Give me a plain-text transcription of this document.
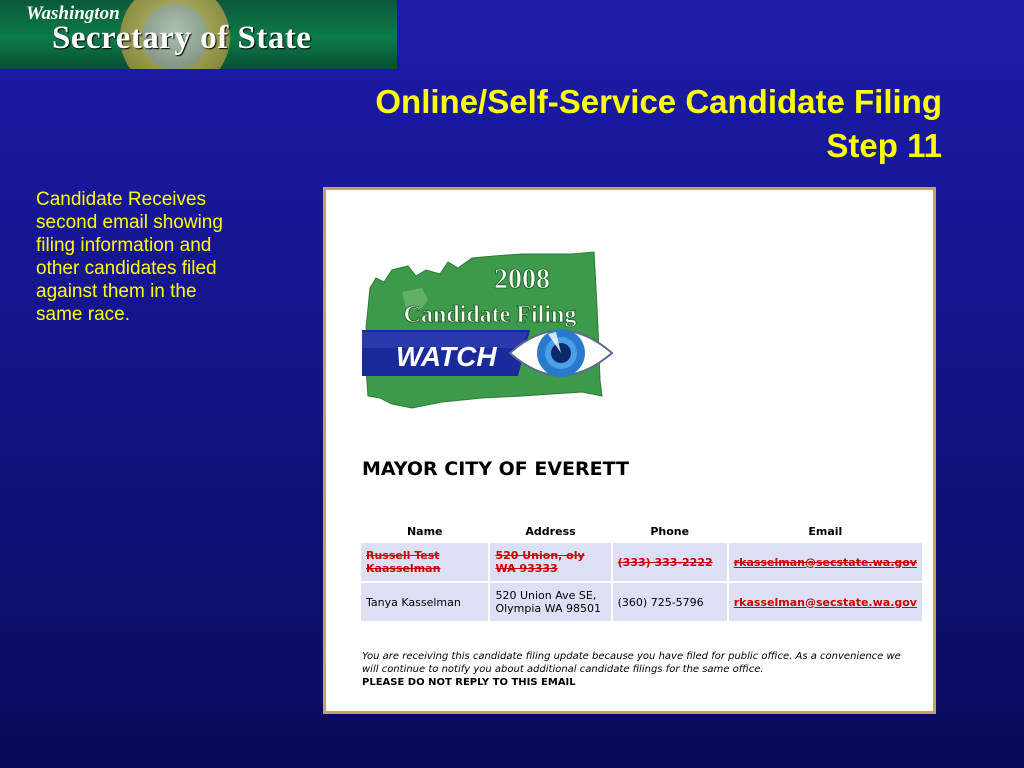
Washington
Secretary of State
Online/Self-Service Candidate Filing
Step 11
Candidate Receives second email showing filing information and other candidates filed against them in the same race.
2008
Candidate Filing
WATCH
MAYOR CITY OF EVERETT
Name	Address	Phone	Email
Russell Test Kaasselman	520 Union, oly WA 93333	(333) 333-2222	rkasselman@secstate.wa.gov
Tanya Kasselman	520 Union Ave SE, Olympia WA 98501	(360) 725-5796	rkasselman@secstate.wa.gov
You are receiving this candidate filing update because you have filed for public office. As a convenience we will continue to notify you about additional candidate filings for the same office.
PLEASE DO NOT REPLY TO THIS EMAIL
